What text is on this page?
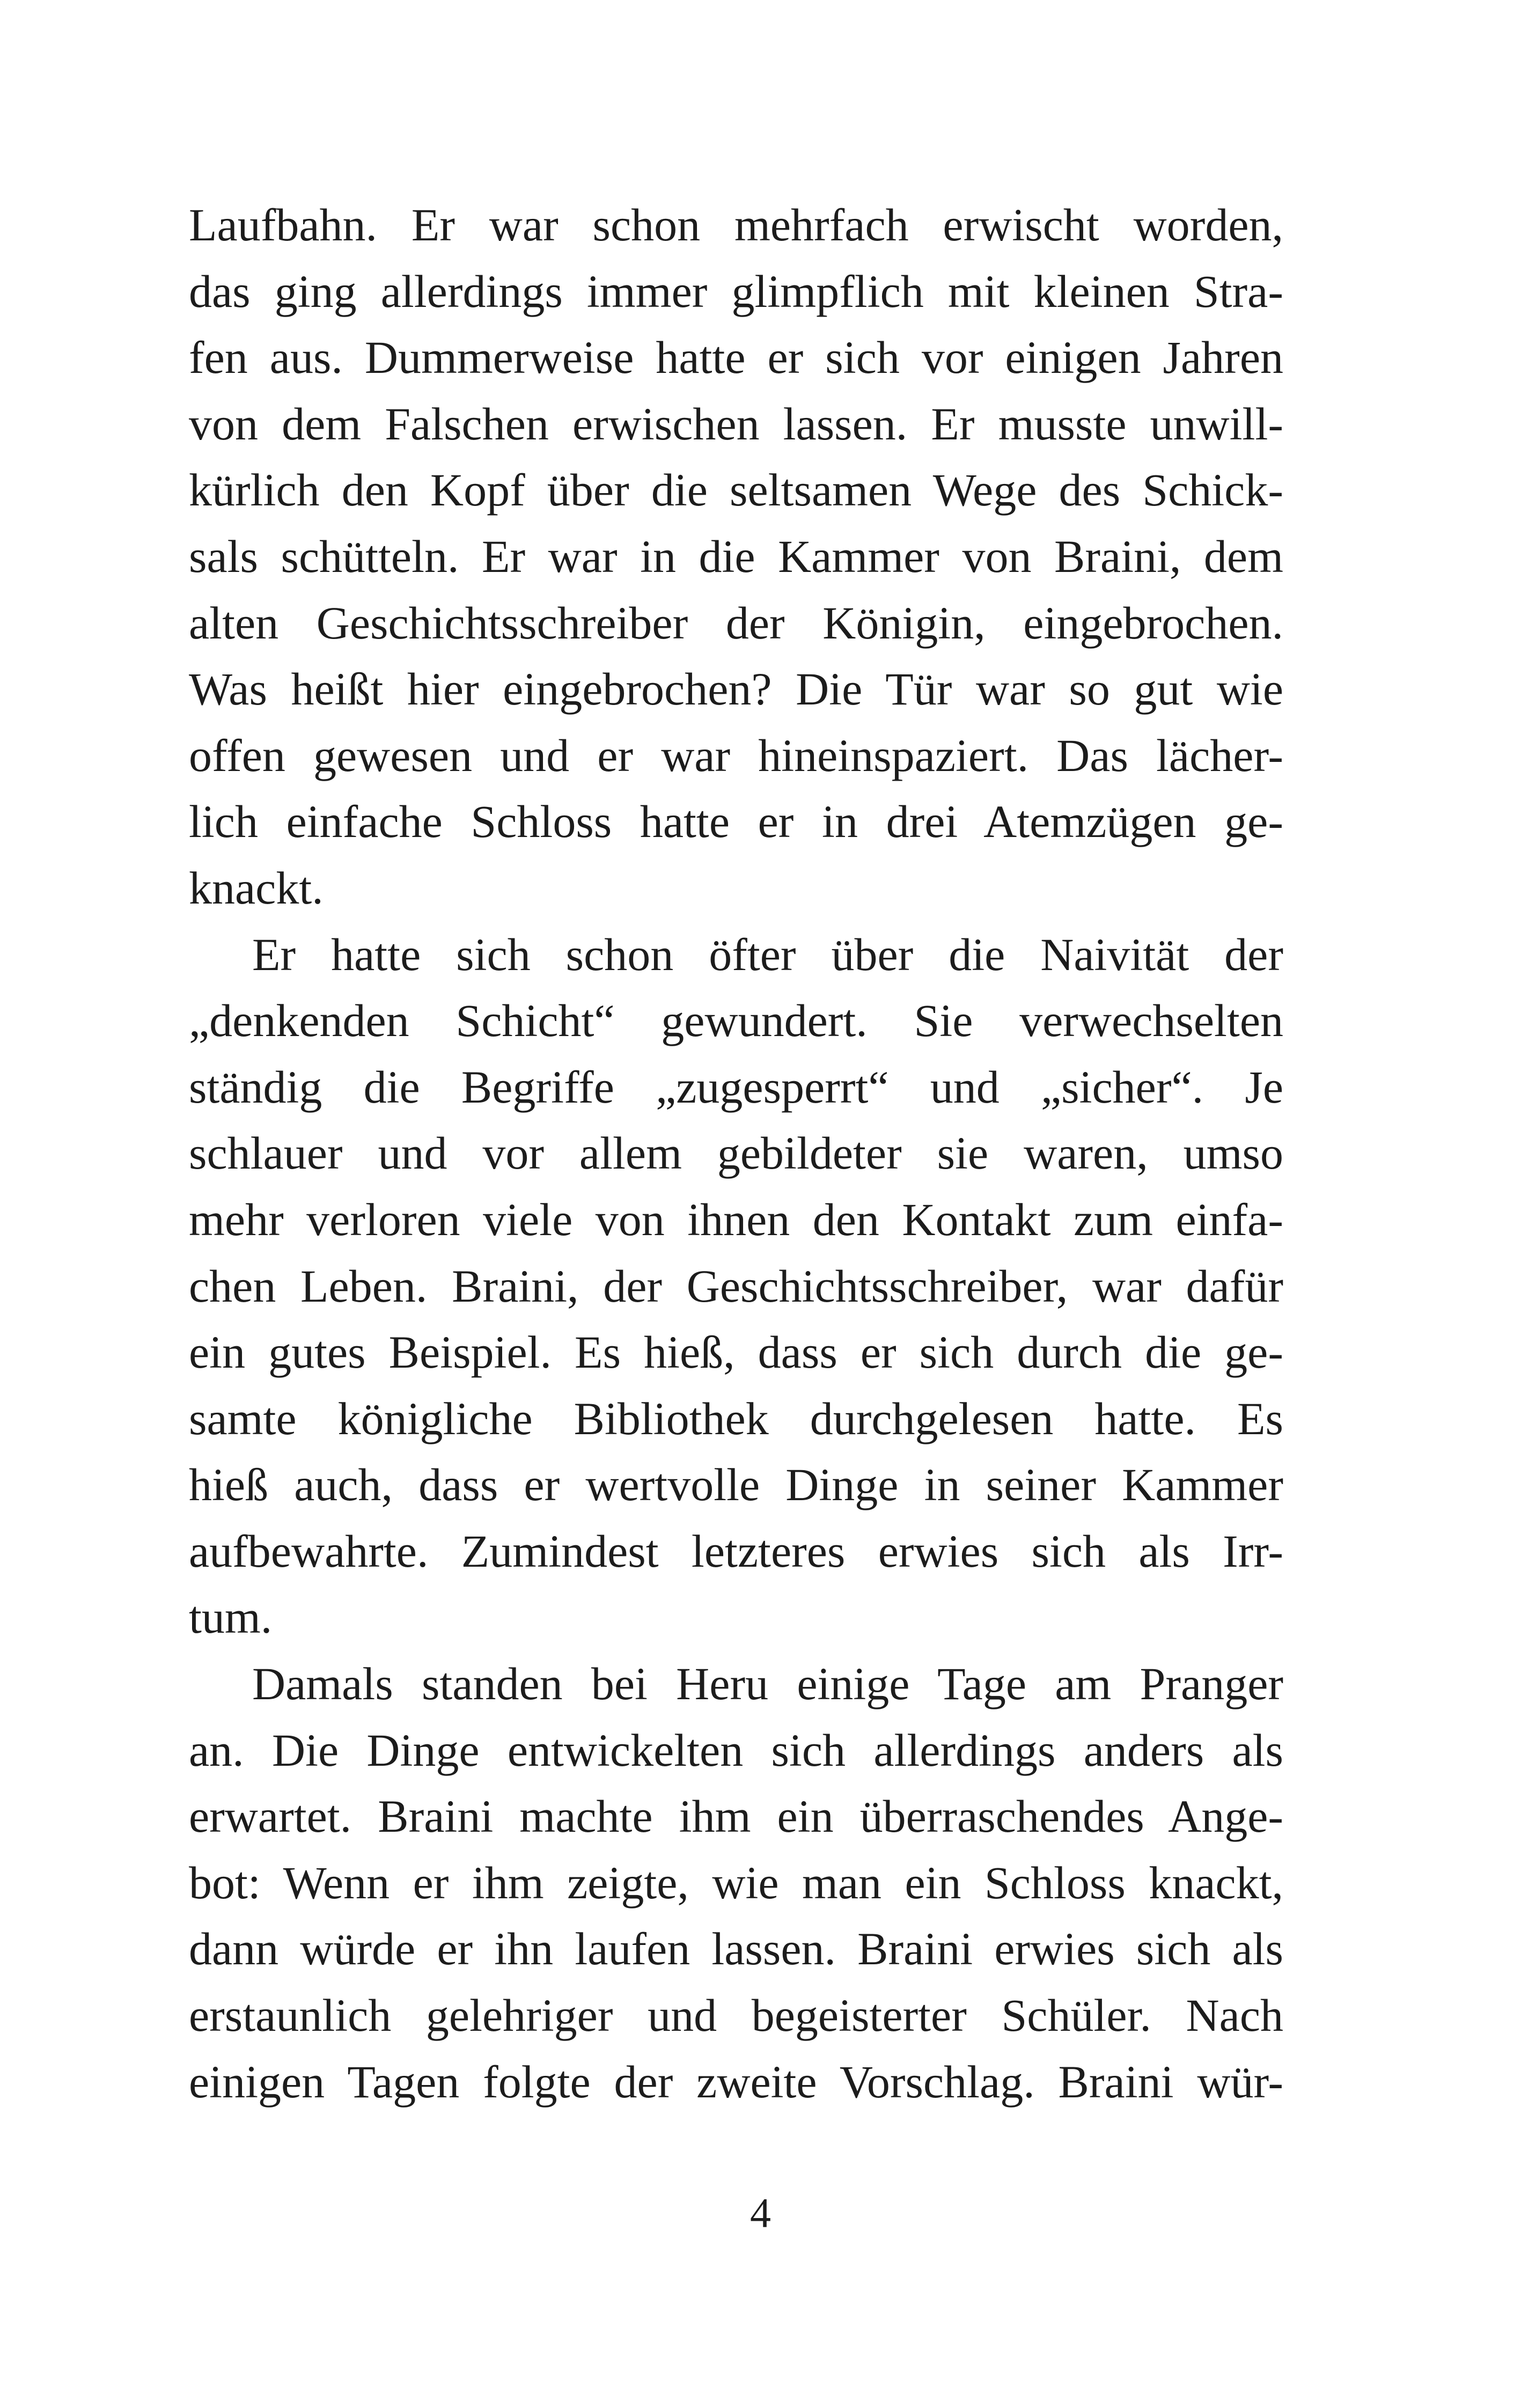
Laufbahn. Er war schon mehrfach erwischt worden,
das ging allerdings immer glimpflich mit kleinen Stra-
fen aus. Dummerweise hatte er sich vor einigen Jahren
von dem Falschen erwischen lassen. Er musste unwill-
kürlich den Kopf über die seltsamen Wege des Schick-
sals schütteln. Er war in die Kammer von Braini, dem
alten Geschichtsschreiber der Königin, eingebrochen.
Was heißt hier eingebrochen? Die Tür war so gut wie
offen gewesen und er war hineinspaziert. Das lächer-
lich einfache Schloss hatte er in drei Atemzügen ge-
knackt.
Er hatte sich schon öfter über die Naivität der
„denkenden Schicht“ gewundert. Sie verwechselten
ständig die Begriffe „zugesperrt“ und „sicher“. Je
schlauer und vor allem gebildeter sie waren, umso
mehr verloren viele von ihnen den Kontakt zum einfa-
chen Leben. Braini, der Geschichtsschreiber, war dafür
ein gutes Beispiel. Es hieß, dass er sich durch die ge-
samte königliche Bibliothek durchgelesen hatte. Es
hieß auch, dass er wertvolle Dinge in seiner Kammer
aufbewahrte. Zumindest letzteres erwies sich als Irr-
tum.
Damals standen bei Heru einige Tage am Pranger
an. Die Dinge entwickelten sich allerdings anders als
erwartet. Braini machte ihm ein überraschendes Ange-
bot: Wenn er ihm zeigte, wie man ein Schloss knackt,
dann würde er ihn laufen lassen. Braini erwies sich als
erstaunlich gelehriger und begeisterter Schüler. Nach
einigen Tagen folgte der zweite Vorschlag. Braini wür-
4
